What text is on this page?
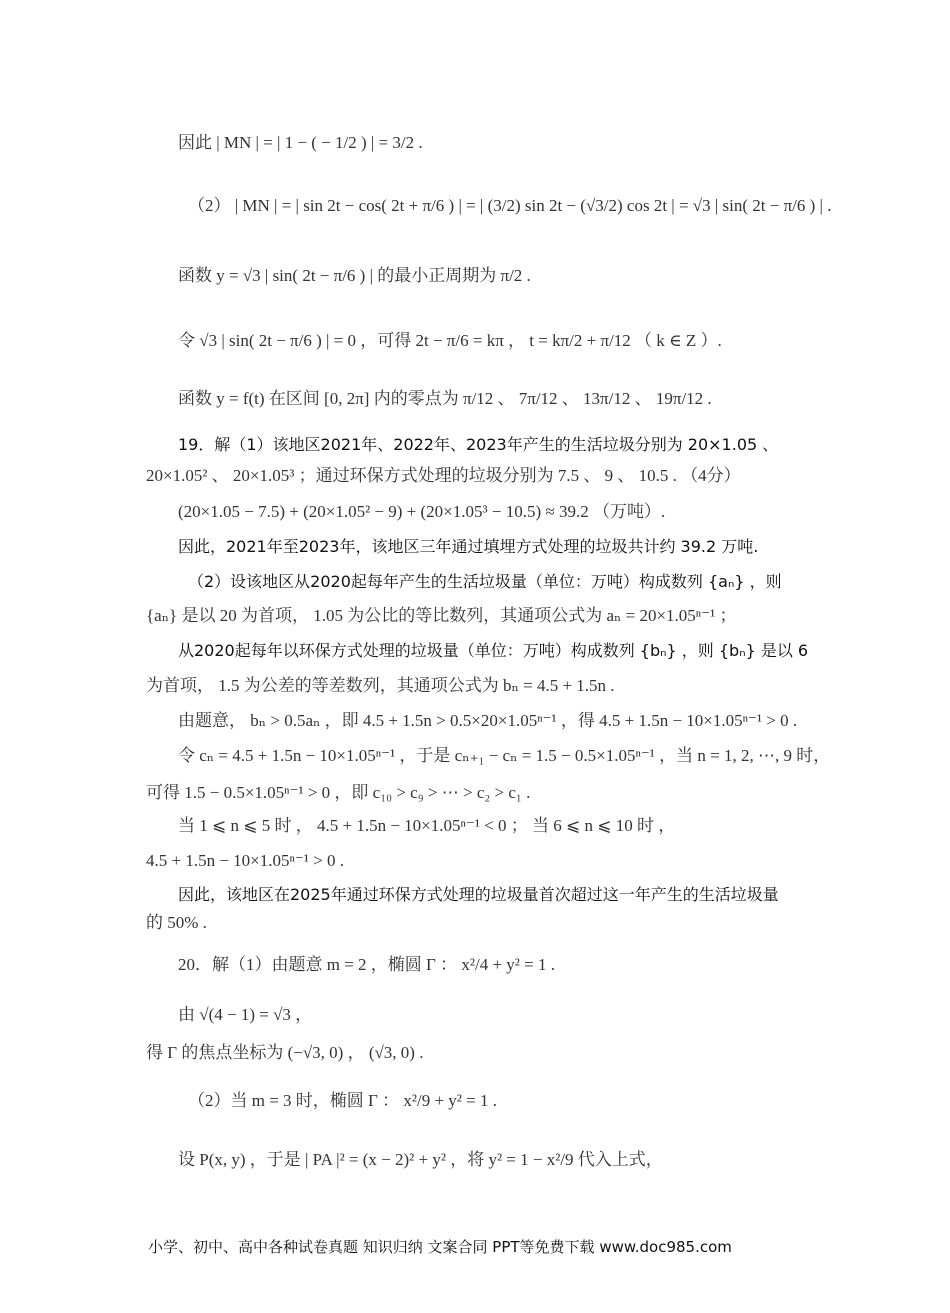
因此 | MN | = | 1 − ( − 1/2 ) | = 3/2 .
（2） | MN | = | sin 2t − cos( 2t + π/6 ) | = | (3/2) sin 2t − (√3/2) cos 2t | = √3 | sin( 2t − π/6 ) | .
函数 y = √3 | sin( 2t − π/6 ) | 的最小正周期为 π/2 .
令 √3 | sin( 2t − π/6 ) | = 0 ，可得 2t − π/6 = kπ ， t = kπ/2 + π/12 （ k ∈ Z ）.
函数 y = f(t) 在区间 [0, 2π] 内的零点为 π/12 、 7π/12 、 13π/12 、 19π/12 .
19．解（1）该地区2021年、2022年、2023年产生的生活垃圾分别为 20×1.05 、
20×1.05² 、 20×1.05³ ；通过环保方式处理的垃圾分别为 7.5 、 9 、 10.5 . （4分）
(20×1.05 − 7.5) + (20×1.05² − 9) + (20×1.05³ − 10.5) ≈ 39.2 （万吨）.
因此，2021年至2023年，该地区三年通过填埋方式处理的垃圾共计约 39.2 万吨.
（2）设该地区从2020起每年产生的生活垃圾量（单位：万吨）构成数列 {aₙ} ，则
{aₙ} 是以 20 为首项， 1.05 为公比的等比数列，其通项公式为 aₙ = 20×1.05ⁿ⁻¹ ；
从2020起每年以环保方式处理的垃圾量（单位：万吨）构成数列 {bₙ} ，则 {bₙ} 是以 6
为首项， 1.5 为公差的等差数列，其通项公式为 bₙ = 4.5 + 1.5n .
由题意， bₙ > 0.5aₙ ，即 4.5 + 1.5n > 0.5×20×1.05ⁿ⁻¹ ，得 4.5 + 1.5n − 10×1.05ⁿ⁻¹ > 0 .
令 cₙ = 4.5 + 1.5n − 10×1.05ⁿ⁻¹ ，于是 cₙ₊₁ − cₙ = 1.5 − 0.5×1.05ⁿ⁻¹ ，当 n = 1, 2, ⋯, 9 时，
可得 1.5 − 0.5×1.05ⁿ⁻¹ > 0 ，即 c₁₀ > c₉ > ⋯ > c₂ > c₁ .
当 1 ⩽ n ⩽ 5 时 ， 4.5 + 1.5n − 10×1.05ⁿ⁻¹ < 0 ； 当 6 ⩽ n ⩽ 10 时 ，
4.5 + 1.5n − 10×1.05ⁿ⁻¹ > 0 .
因此，该地区在2025年通过环保方式处理的垃圾量首次超过这一年产生的生活垃圾量
的 50% .
20．解（1）由题意 m = 2 ，椭圆 Γ ： x²/4 + y² = 1 .
由 √(4 − 1) = √3 ，
得 Γ 的焦点坐标为 (−√3, 0) ， (√3, 0) .
（2）当 m = 3 时，椭圆 Γ ： x²/9 + y² = 1 .
设 P(x, y) ，于是 | PA |² = (x − 2)² + y² ，将 y² = 1 − x²/9 代入上式，
小学、初中、高中各种试卷真题 知识归纳 文案合同 PPT等免费下载 www.doc985.com
